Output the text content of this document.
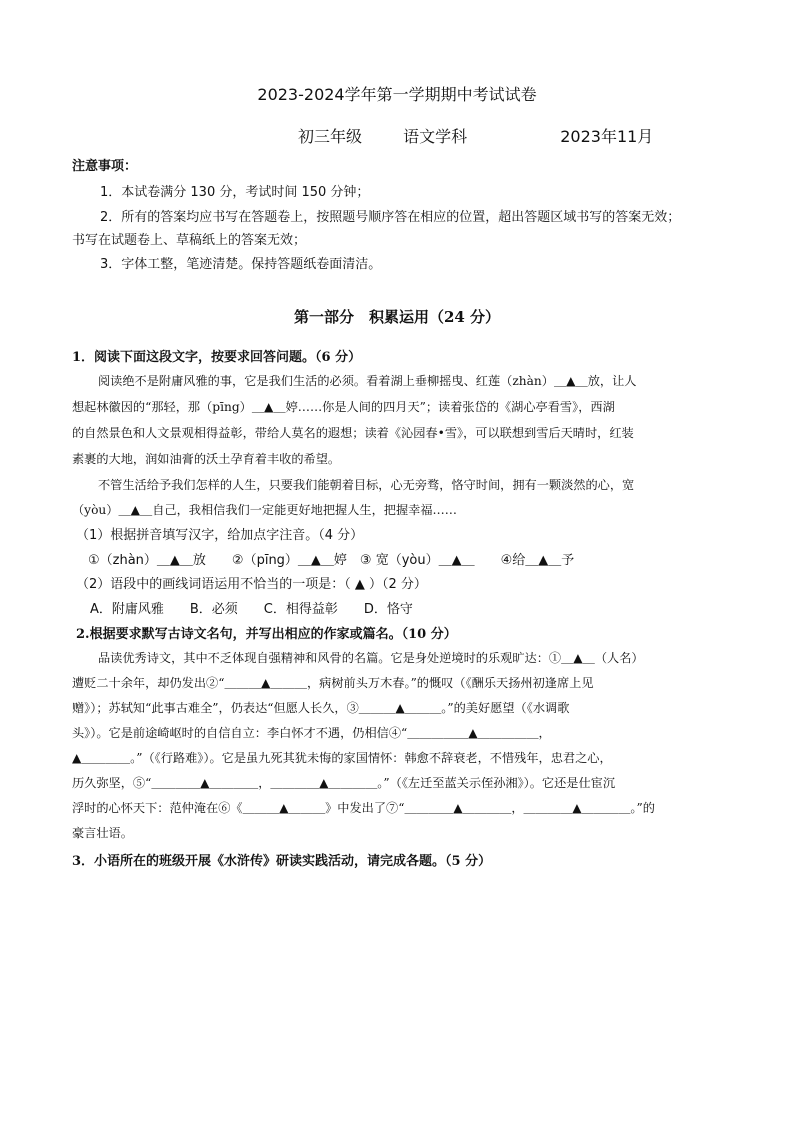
2023-2024学年第一学期期中考试试卷
初三年级	语文学科	2023年11月
注意事项：
1．本试卷满分 130 分，考试时间 150 分钟；
2．所有的答案均应书写在答题卷上，按照题号顺序答在相应的位置，超出答题区域书写的答案无效；
书写在试题卷上、草稿纸上的答案无效；
3．字体工整，笔迹清楚。保持答题纸卷面清洁。
第一部分　积累运用（24 分）
1．阅读下面这段文字，按要求回答问题。（6 分）
阅读绝不是附庸风雅的事，它是我们生活的必须。看着湖上垂柳摇曳、红莲（zhàn）＿▲＿放，让人
想起林徽因的“那轻，那（pīng）＿▲＿婷……你是人间的四月天”；读着张岱的《湖心亭看雪》，西湖
的自然景色和人文景观相得益彰，带给人莫名的遐想；读着《沁园春•雪》，可以联想到雪后天晴时，红装
素裹的大地，润如油膏的沃土孕育着丰收的希望。
不管生活给予我们怎样的人生，只要我们能朝着目标，心无旁骛，恪守时间，拥有一颗淡然的心，宽
（yòu）＿▲＿自己，我相信我们一定能更好地把握人生，把握幸福……
（1）根据拼音填写汉字，给加点字注音。（4 分）
①（zhàn）＿▲＿放　　②（pīng）＿▲＿婷　③ 宽（yòu）＿▲＿　　④给＿▲＿予
（2）语段中的画线词语运用不恰当的一项是：（ ▲ ）（2 分）
A．附庸风雅　　B．必须　　C．相得益彰　　D．恪守
2.根据要求默写古诗文名句，并写出相应的作家或篇名。（10 分）
品读优秀诗文，其中不乏体现自强精神和风骨的名篇。它是身处逆境时的乐观旷达：①＿▲＿（人名）
遭贬二十余年，却仍发出②“＿＿＿▲＿＿＿，病树前头万木春。”的慨叹（《酬乐天扬州初逢席上见
赠》）；苏轼知“此事古难全”，仍表达“但愿人长久，③＿＿＿▲＿＿＿。”的美好愿望（《水调歌
头》）。它是前途崎岖时的自信自立：李白怀才不遇，仍相信④“＿＿＿＿＿▲＿＿＿＿＿，
▲＿＿＿＿。”（《行路难》）。它是虽九死其犹未悔的家国情怀：韩愈不辞衰老，不惜残年，忠君之心，
历久弥坚，⑤“＿＿＿＿▲＿＿＿＿，＿＿＿＿▲＿＿＿＿。”（《左迁至蓝关示侄孙湘》）。它还是仕宦沉
浮时的心怀天下：范仲淹在⑥《＿＿＿▲＿＿＿》中发出了⑦“＿＿＿＿▲＿＿＿＿，＿＿＿＿▲＿＿＿＿。”的
豪言壮语。
3．小语所在的班级开展《水浒传》研读实践活动，请完成各题。（5 分）
